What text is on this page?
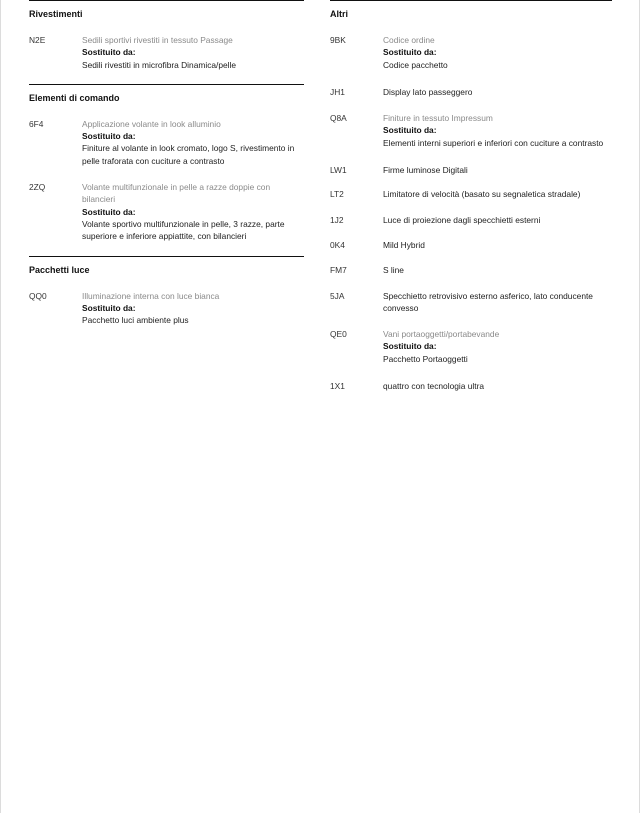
Rivestimenti
N2E	Sedili sportivi rivestiti in tessuto Passage
Sostituito da:
Sedili rivestiti in microfibra Dinamica/pelle
Elementi di comando
6F4	Applicazione volante in look alluminio
Sostituito da:
Finiture al volante in look cromato, logo S, rivestimento in pelle traforata con cuciture a contrasto
2ZQ	Volante multifunzionale in pelle a razze doppie con bilancieri
Sostituito da:
Volante sportivo multifunzionale in pelle, 3 razze, parte superiore e inferiore appiattite, con bilancieri
Pacchetti luce
QQ0	Illuminazione interna con luce bianca
Sostituito da:
Pacchetto luci ambiente plus
Altri
9BK	Codice ordine
Sostituito da:
Codice pacchetto
JH1	Display lato passeggero
Q8A	Finiture in tessuto Impressum
Sostituito da:
Elementi interni superiori e inferiori con cuciture a contrasto
LW1	Firme luminose Digitali
LT2	Limitatore di velocità (basato su segnaletica stradale)
1J2	Luce di proiezione dagli specchietti esterni
0K4	Mild Hybrid
FM7	S line
5JA	Specchietto retrovisivo esterno asferico, lato conducente convesso
QE0	Vani portaoggetti/portabevande
Sostituito da:
Pacchetto Portaoggetti
1X1	quattro con tecnologia ultra
